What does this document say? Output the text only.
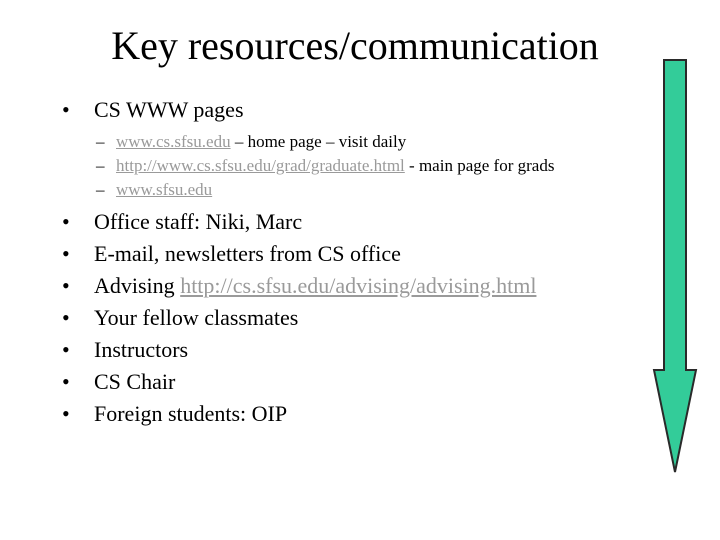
Key resources/communication
• CS WWW pages
– www.cs.sfsu.edu – home page – visit daily
– http://www.cs.sfsu.edu/grad/graduate.html - main page for grads
– www.sfsu.edu
• Office staff: Niki, Marc
• E-mail, newsletters from CS office
• Advising http://cs.sfsu.edu/advising/advising.html
• Your fellow classmates
• Instructors
• CS Chair
• Foreign students: OIP
